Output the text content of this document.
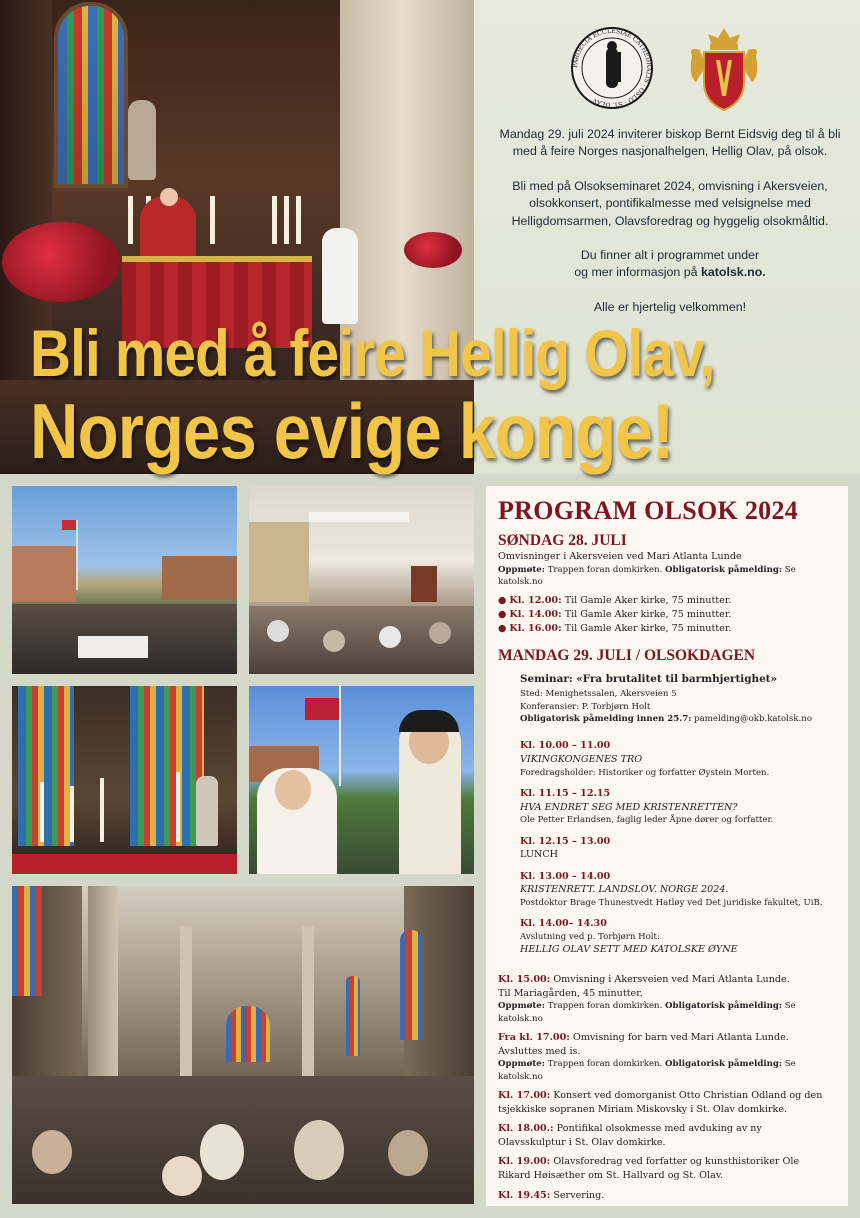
PAROECIA ECCLESIAE CATHEDRALIS · OSLO · ST. OLAV

Mandag 29. juli 2024 inviterer biskop Bernt Eidsvig deg til å bli med å feire Norges nasjonalhelgen, Hellig Olav, på olsok.

Bli med på Olsokseminaret 2024, omvisning i Akersveien, olsokkonsert, pontifikalmesse med velsignelse med Helligdomsarmen, Olavsforedrag og hyggelig olsokmåltid.

Du finner alt i programmet under
og mer informasjon på katolsk.no.

Alle er hjertelig velkommen!

Bli med å feire Hellig Olav,
Norges evige konge!
PROGRAM OLSOK 2024
SØNDAG 28. JULI
Omvisninger i Akersveien ved Mari Atlanta Lunde
Oppmøte: Trappen foran domkirken. Obligatorisk påmelding: Se katolsk.no
● Kl. 12.00: Til Gamle Aker kirke, 75 minutter.
● Kl. 14.00: Til Gamle Aker kirke, 75 minutter.
● Kl. 16.00: Til Gamle Aker kirke, 75 minutter.
MANDAG 29. JULI / OLSOKDAGEN
Seminar: «Fra brutalitet til barmhjertighet»
Sted: Menighetssalen, Akersveien 5
Konferansier: P. Torbjørn Holt
Obligatorisk påmelding innen 25.7: pamelding@okb.katolsk.no
Kl. 10.00 – 11.00
VIKINGKONGENES TRO
Foredragsholder: Historiker og forfatter Øystein Morten.
Kl. 11.15 – 12.15
HVA ENDRET SEG MED KRISTENRETTEN?
Ole Petter Erlandsen, faglig leder Åpne dører og forfatter.
Kl. 12.15 – 13.00
LUNCH
Kl. 13.00 – 14.00
KRISTENRETT. LANDSLOV. NORGE 2024.
Postdoktor Brage Thunestvedt Hatløy ved Det juridiske fakultet, UiB.
Kl. 14.00– 14.30
Avslutning ved p. Torbjørn Holt:
HELLIG OLAV SETT MED KATOLSKE ØYNE
Kl. 15.00: Omvisning i Akersveien ved Mari Atlanta Lunde.
Til Mariagården, 45 minutter.
Oppmøte: Trappen foran domkirken. Obligatorisk påmelding: Se katolsk.no
Fra kl. 17.00: Omvisning for barn ved Mari Atlanta Lunde.
Avsluttes med is.
Oppmøte: Trappen foran domkirken. Obligatorisk påmelding: Se katolsk.no
Kl. 17.00: Konsert ved domorganist Otto Christian Odland og den
tsjekkiske sopranen Miriam Miskovsky i St. Olav domkirke.
Kl. 18.00.: Pontifikal olsokmesse med avduking av ny
Olavsskulptur i St. Olav domkirke.
Kl. 19.00: Olavsforedrag ved forfatter og kunsthistoriker Ole
Rikard Høisæther om St. Hallvard og St. Olav.
Kl. 19.45: Servering.
